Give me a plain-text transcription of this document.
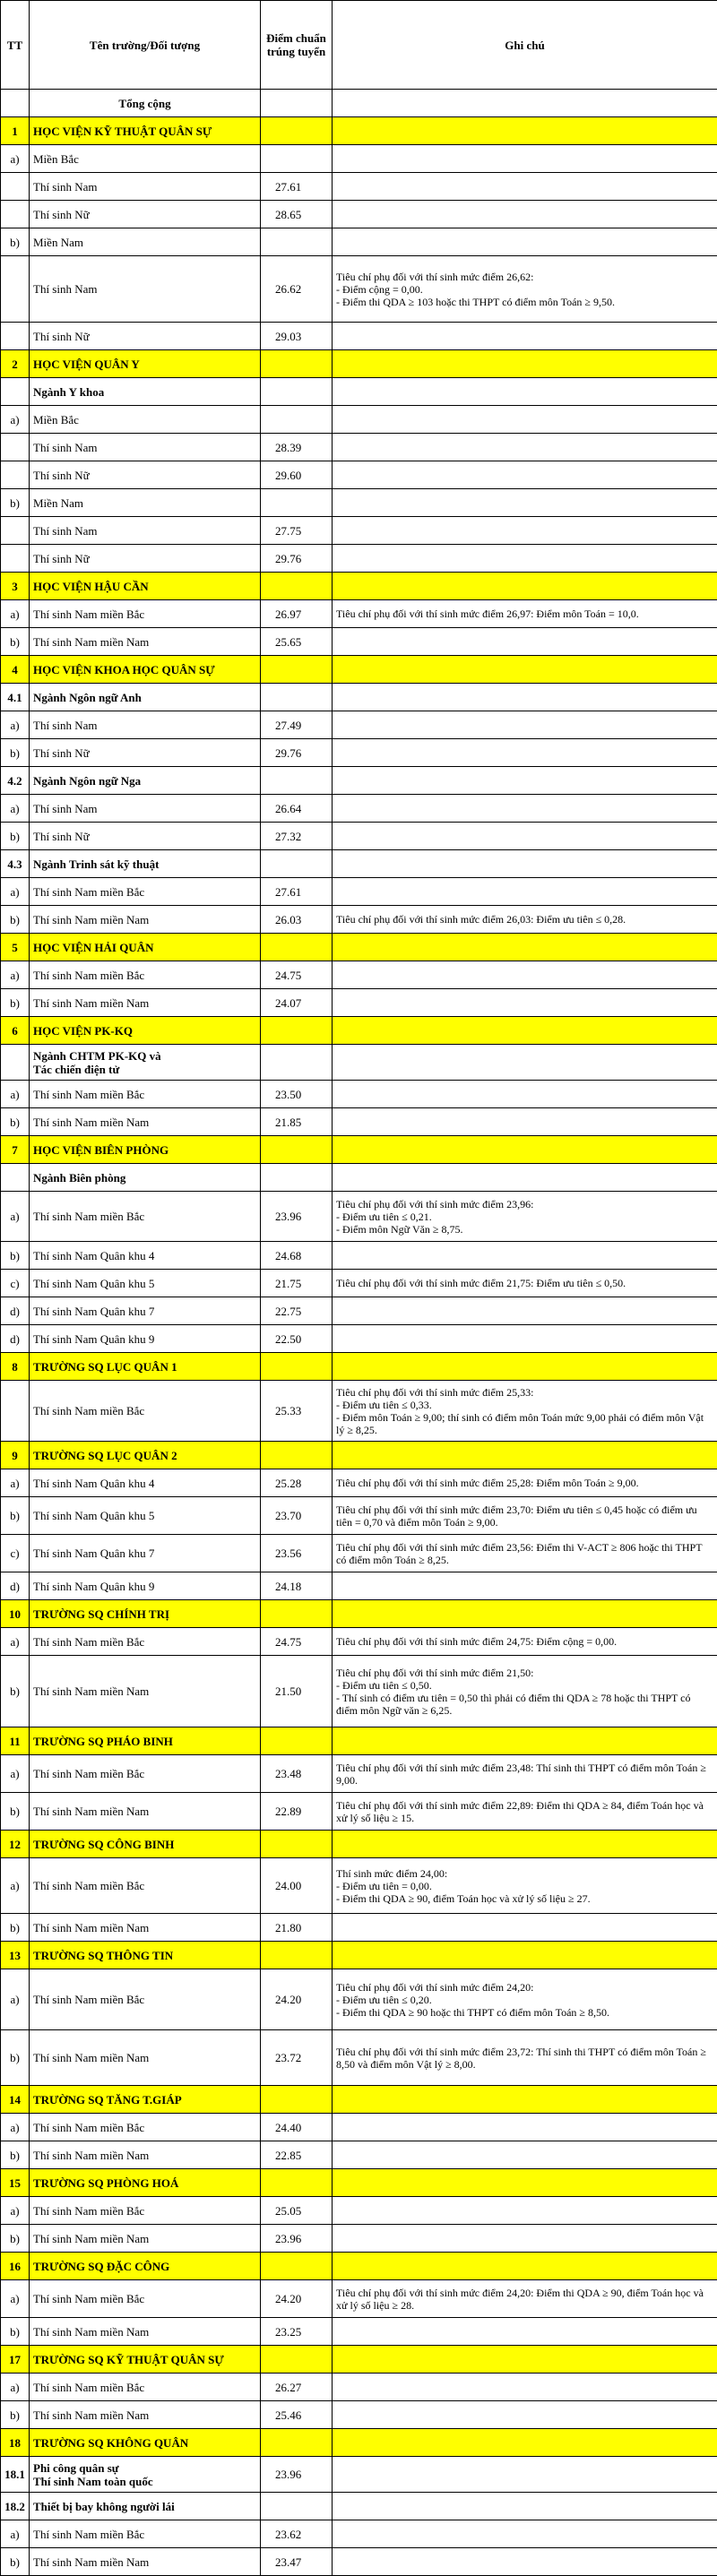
TT	Tên trường/Đối tượng	Điểm chuẩn trúng tuyển	Ghi chú
	Tổng cộng		
1	HỌC VIỆN KỸ THUẬT QUÂN SỰ		
a)	Miền Bắc		
	Thí sinh Nam	27.61	
	Thí sinh Nữ	28.65	
b)	Miền Nam		
	Thí sinh Nam	26.62	Tiêu chí phụ đối với thí sinh mức điểm 26,62:
- Điểm cộng = 0,00.
- Điểm thi QDA ≥ 103 hoặc thi THPT có điểm môn Toán ≥ 9,50.
	Thí sinh Nữ	29.03	
2	HỌC VIỆN QUÂN Y		
	Ngành Y khoa		
a)	Miền Bắc		
	Thí sinh Nam	28.39	
	Thí sinh Nữ	29.60	
b)	Miền Nam		
	Thí sinh Nam	27.75	
	Thí sinh Nữ	29.76	
3	HỌC VIỆN HẬU CẦN		
a)	Thí sinh Nam miền Bắc	26.97	Tiêu chí phụ đối với thí sinh mức điểm 26,97: Điểm môn Toán = 10,0.
b)	Thí sinh Nam miền Nam	25.65	
4	HỌC VIỆN KHOA HỌC QUÂN SỰ		
4.1	Ngành Ngôn ngữ Anh		
a)	Thí sinh Nam	27.49	
b)	Thí sinh Nữ	29.76	
4.2	Ngành Ngôn ngữ Nga		
a)	Thí sinh Nam	26.64	
b)	Thí sinh Nữ	27.32	
4.3	Ngành Trinh sát kỹ thuật		
a)	Thí sinh Nam miền Bắc	27.61	
b)	Thí sinh Nam miền Nam	26.03	Tiêu chí phụ đối với thí sinh mức điểm 26,03: Điểm ưu tiên ≤ 0,28.
5	HỌC VIỆN HẢI QUÂN		
a)	Thí sinh Nam miền Bắc	24.75	
b)	Thí sinh Nam miền Nam	24.07	
6	HỌC VIỆN PK-KQ		
	Ngành CHTM PK-KQ và
Tác chiến điện tử		
a)	Thí sinh Nam miền Bắc	23.50	
b)	Thí sinh Nam miền Nam	21.85	
7	HỌC VIỆN BIÊN PHÒNG		
	Ngành Biên phòng		
a)	Thí sinh Nam miền Bắc	23.96	Tiêu chí phụ đối với thí sinh mức điểm 23,96:
- Điểm ưu tiên ≤ 0,21.
- Điểm môn Ngữ Văn ≥ 8,75.
b)	Thí sinh Nam Quân khu 4	24.68	
c)	Thí sinh Nam Quân khu 5	21.75	Tiêu chí phụ đối với thí sinh mức điểm 21,75: Điểm ưu tiên ≤ 0,50.
d)	Thí sinh Nam Quân khu 7	22.75	
d)	Thí sinh Nam Quân khu 9	22.50	
8	TRƯỜNG SQ LỤC QUÂN 1		
	Thí sinh Nam miền Bắc	25.33	Tiêu chí phụ đối với thí sinh mức điểm 25,33:
- Điểm ưu tiên ≤ 0,33.
- Điểm môn Toán ≥ 9,00; thí sinh có điểm môn Toán mức 9,00 phải có điểm môn Vật lý ≥ 8,25.
9	TRƯỜNG SQ LỤC QUÂN 2		
a)	Thí sinh Nam Quân khu 4	25.28	Tiêu chí phụ đối với thí sinh mức điểm 25,28: Điểm môn Toán ≥ 9,00.
b)	Thí sinh Nam Quân khu 5	23.70	Tiêu chí phụ đối với thí sinh mức điểm 23,70: Điểm ưu tiên ≤ 0,45 hoặc có điểm ưu tiên = 0,70 và điểm môn Toán ≥ 9,00.
c)	Thí sinh Nam Quân khu 7	23.56	Tiêu chí phụ đối với thí sinh mức điểm 23,56: Điểm thi V-ACT ≥ 806 hoặc thi THPT có điểm môn Toán ≥ 8,25.
d)	Thí sinh Nam Quân khu 9	24.18	
10	TRƯỜNG SQ CHÍNH TRỊ		
a)	Thí sinh Nam miền Bắc	24.75	Tiêu chí phụ đối với thí sinh mức điểm 24,75: Điểm cộng = 0,00.
b)	Thí sinh Nam miền Nam	21.50	Tiêu chí phụ đối với thí sinh mức điểm 21,50:
- Điểm ưu tiên ≤ 0,50.
- Thí sinh có điểm ưu tiên = 0,50 thì phải có điểm thi QDA ≥ 78 hoặc thi THPT có điểm môn Ngữ văn ≥ 6,25.
11	TRƯỜNG SQ PHÁO BINH		
a)	Thí sinh Nam miền Bắc	23.48	Tiêu chí phụ đối với thí sinh mức điểm 23,48: Thí sinh thi THPT có điểm môn Toán ≥ 9,00.
b)	Thí sinh Nam miền Nam	22.89	Tiêu chí phụ đối với thí sinh mức điểm 22,89: Điểm thi QDA ≥ 84, điểm Toán học và xử lý số liệu ≥ 15.
12	TRƯỜNG SQ CÔNG BINH		
a)	Thí sinh Nam miền Bắc	24.00	Thí sinh mức điểm 24,00:
- Điểm ưu tiên = 0,00.
- Điểm thi QDA ≥ 90, điểm Toán học và xử lý số liệu ≥ 27.
b)	Thí sinh Nam miền Nam	21.80	
13	TRƯỜNG SQ THÔNG TIN		
a)	Thí sinh Nam miền Bắc	24.20	Tiêu chí phụ đối với thí sinh mức điểm 24,20:
- Điểm ưu tiên ≤ 0,20.
- Điểm thi QDA ≥ 90 hoặc thi THPT có điểm môn Toán ≥ 8,50.
b)	Thí sinh Nam miền Nam	23.72	Tiêu chí phụ đối với thí sinh mức điểm 23,72: Thí sinh thi THPT có điểm môn Toán ≥ 8,50 và điểm môn Vật lý ≥ 8,00.
14	TRƯỜNG SQ TĂNG T.GIÁP		
a)	Thí sinh Nam miền Bắc	24.40	
b)	Thí sinh Nam miền Nam	22.85	
15	TRƯỜNG SQ PHÒNG HOÁ		
a)	Thí sinh Nam miền Bắc	25.05	
b)	Thí sinh Nam miền Nam	23.96	
16	TRƯỜNG SQ ĐẶC CÔNG		
a)	Thí sinh Nam miền Bắc	24.20	Tiêu chí phụ đối với thí sinh mức điểm 24,20: Điểm thi QDA ≥ 90, điểm Toán học và xử lý số liệu ≥ 28.
b)	Thí sinh Nam miền Nam	23.25	
17	TRƯỜNG SQ KỸ THUẬT QUÂN SỰ		
a)	Thí sinh Nam miền Bắc	26.27	
b)	Thí sinh Nam miền Nam	25.46	
18	TRƯỜNG SQ KHÔNG QUÂN		
18.1	Phi công quân sự
Thí sinh Nam toàn quốc	23.96	
18.2	Thiết bị bay không người lái		
a)	Thí sinh Nam miền Bắc	23.62	
b)	Thí sinh Nam miền Nam	23.47	
